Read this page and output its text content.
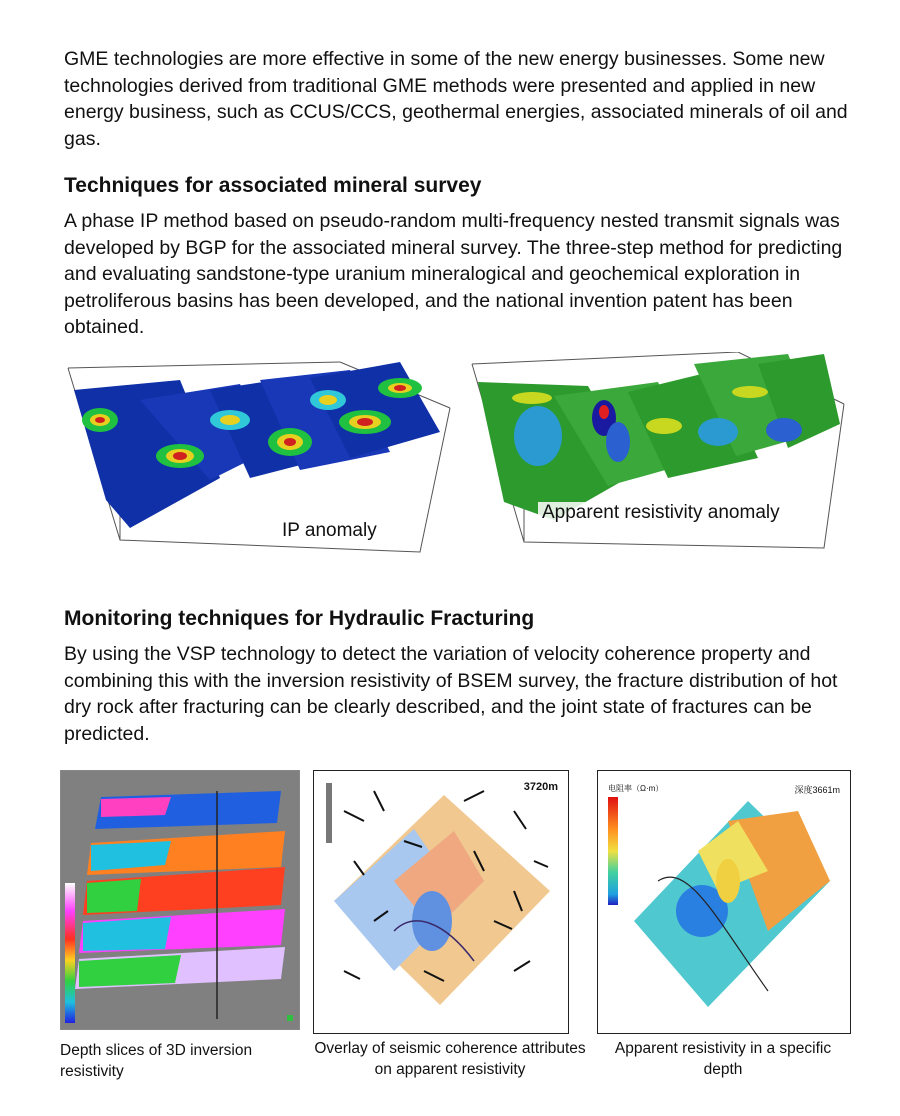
GME technologies are more effective in some of the new energy businesses. Some new technologies derived from traditional GME methods were presented and applied in new energy business, such as CCUS/CCS, geothermal energies, associated minerals of oil and gas.

Techniques for associated mineral survey

A phase IP method based on pseudo-random multi-frequency nested transmit signals was developed by BGP for the associated mineral survey. The three-step method for predicting and evaluating sandstone-type uranium mineralogical and geochemical exploration in petroliferous basins has been developed, and the national invention patent has been obtained.

IP anomaly
Apparent resistivity anomaly
Monitoring techniques for Hydraulic Fracturing

By using the VSP technology to detect the variation of velocity coherence property and combining this with the inversion resistivity of BSEM survey, the fracture distribution of hot dry rock after fracturing can be clearly described, and the joint state of fractures can be predicted.

Depth slices of 3D inversion resistivity
3720m
Overlay of seismic coherence attributes on apparent resistivity
电阻率（Ω·m）	深度3661m
Apparent resistivity in a specific depth
